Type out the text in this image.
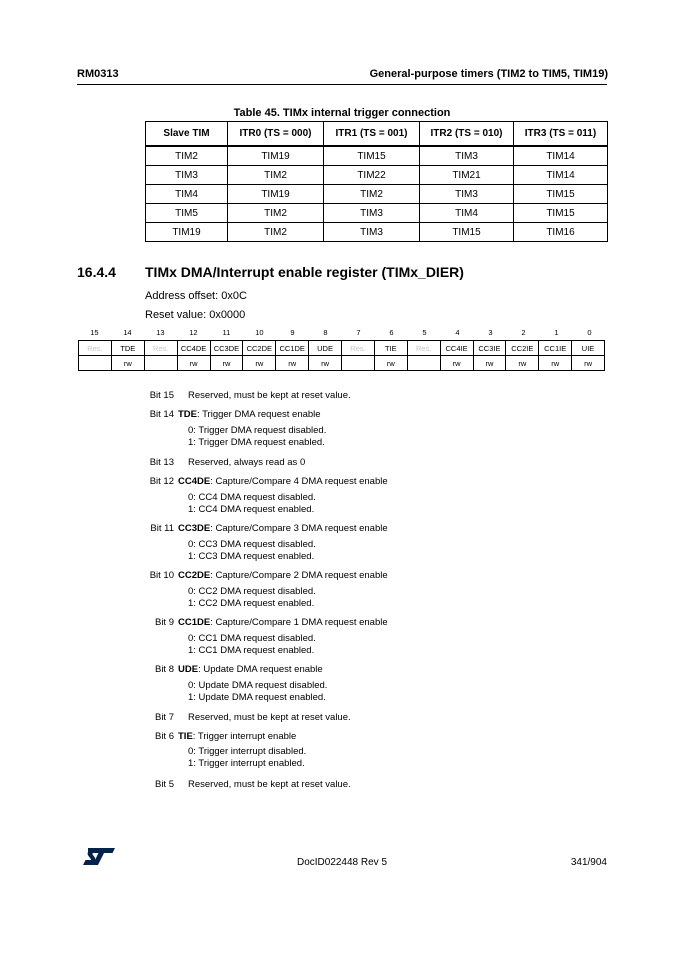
RM0313	General-purpose timers (TIM2 to TIM5, TIM19)
Table 45. TIMx internal trigger connection
Slave TIM	ITR0 (TS = 000)	ITR1 (TS = 001)	ITR2 (TS = 010)	ITR3 (TS = 011)
TIM2	TIM19	TIM15	TIM3	TIM14
TIM3	TIM2	TIM22	TIM21	TIM14
TIM4	TIM19	TIM2	TIM3	TIM15
TIM5	TIM2	TIM3	TIM4	TIM15
TIM19	TIM2	TIM3	TIM15	TIM16
16.4.4 TIMx DMA/Interrupt enable register (TIMx_DIER)
Address offset: 0x0C
Reset value: 0x0000
15	14	13	12	11	10	9	8	7	6	5	4	3	2	1	0
Res.	TDE	Res.	CC4DE	CC3DE	CC2DE	CC1DE	UDE	Res.	TIE	Res.	CC4IE	CC3IE	CC2IE	CC1IE	UIE
	rw		rw	rw	rw	rw	rw		rw		rw	rw	rw	rw	rw
Bit 15 Reserved, must be kept at reset value.
Bit 14 TDE: Trigger DMA request enable
0: Trigger DMA request disabled.
1: Trigger DMA request enabled.
Bit 13 Reserved, always read as 0
Bit 12 CC4DE: Capture/Compare 4 DMA request enable
0: CC4 DMA request disabled.
1: CC4 DMA request enabled.
Bit 11 CC3DE: Capture/Compare 3 DMA request enable
0: CC3 DMA request disabled.
1: CC3 DMA request enabled.
Bit 10 CC2DE: Capture/Compare 2 DMA request enable
0: CC2 DMA request disabled.
1: CC2 DMA request enabled.
Bit 9 CC1DE: Capture/Compare 1 DMA request enable
0: CC1 DMA request disabled.
1: CC1 DMA request enabled.
Bit 8 UDE: Update DMA request enable
0: Update DMA request disabled.
1: Update DMA request enabled.
Bit 7 Reserved, must be kept at reset value.
Bit 6 TIE: Trigger interrupt enable
0: Trigger interrupt disabled.
1: Trigger interrupt enabled.
Bit 5 Reserved, must be kept at reset value.
DocID022448 Rev 5	341/904
